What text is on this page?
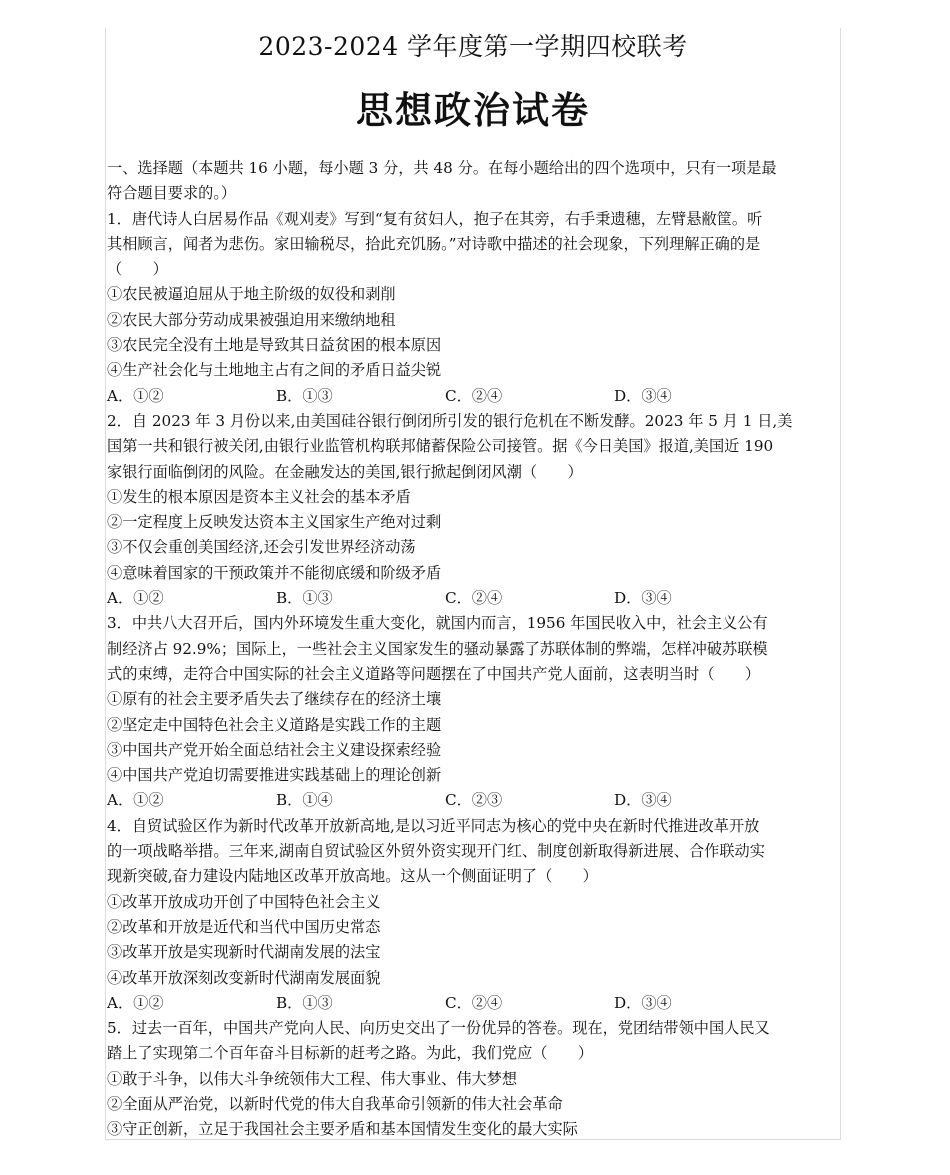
2023-2024 学年度第一学期四校联考
思想政治试卷
一、选择题（本题共 16 小题，每小题 3 分，共 48 分。在每小题给出的四个选项中，只有一项是最
符合题目要求的。）
1．唐代诗人白居易作品《观刈麦》写到“复有贫妇人，抱子在其旁，右手秉遗穗，左臂悬敝筐。听
其相顾言，闻者为悲伤。家田输税尽，拾此充饥肠。”对诗歌中描述的社会现象，下列理解正确的是
（　　）
①农民被逼迫屈从于地主阶级的奴役和剥削
②农民大部分劳动成果被强迫用来缴纳地租
③农民完全没有土地是导致其日益贫困的根本原因
④生产社会化与土地地主占有之间的矛盾日益尖锐
A．①②	B．①③	C．②④	D．③④
2．自 2023 年 3 月份以来,由美国硅谷银行倒闭所引发的银行危机在不断发酵。2023 年 5 月 1 日,美
国第一共和银行被关闭,由银行业监管机构联邦储蓄保险公司接管。据《今日美国》报道,美国近 190
家银行面临倒闭的风险。在金融发达的美国,银行掀起倒闭风潮（　　）
①发生的根本原因是资本主义社会的基本矛盾
②一定程度上反映发达资本主义国家生产绝对过剩
③不仅会重创美国经济,还会引发世界经济动荡
④意味着国家的干预政策并不能彻底缓和阶级矛盾
A．①②	B．①③	C．②④	D．③④
3．中共八大召开后，国内外环境发生重大变化，就国内而言，1956 年国民收入中，社会主义公有
制经济占 92.9%；国际上，一些社会主义国家发生的骚动暴露了苏联体制的弊端，怎样冲破苏联模
式的束缚，走符合中国实际的社会主义道路等问题摆在了中国共产党人面前，这表明当时（　　）
①原有的社会主要矛盾失去了继续存在的经济土壤
②坚定走中国特色社会主义道路是实践工作的主题
③中国共产党开始全面总结社会主义建设探索经验
④中国共产党迫切需要推进实践基础上的理论创新
A．①②	B．①④	C．②③	D．③④
4．自贸试验区作为新时代改革开放新高地,是以习近平同志为核心的党中央在新时代推进改革开放
的一项战略举措。三年来,湖南自贸试验区外贸外资实现开门红、制度创新取得新进展、合作联动实
现新突破,奋力建设内陆地区改革开放高地。这从一个侧面证明了（　　）
①改革开放成功开创了中国特色社会主义
②改革和开放是近代和当代中国历史常态
③改革开放是实现新时代湖南发展的法宝
④改革开放深刻改变新时代湖南发展面貌
A．①②	B．①③	C．②④	D．③④
5．过去一百年，中国共产党向人民、向历史交出了一份优异的答卷。现在，党团结带领中国人民又
踏上了实现第二个百年奋斗目标新的赶考之路。为此，我们党应（　　）
①敢于斗争，以伟大斗争统领伟大工程、伟大事业、伟大梦想
②全面从严治党，以新时代党的伟大自我革命引领新的伟大社会革命
③守正创新，立足于我国社会主要矛盾和基本国情发生变化的最大实际
